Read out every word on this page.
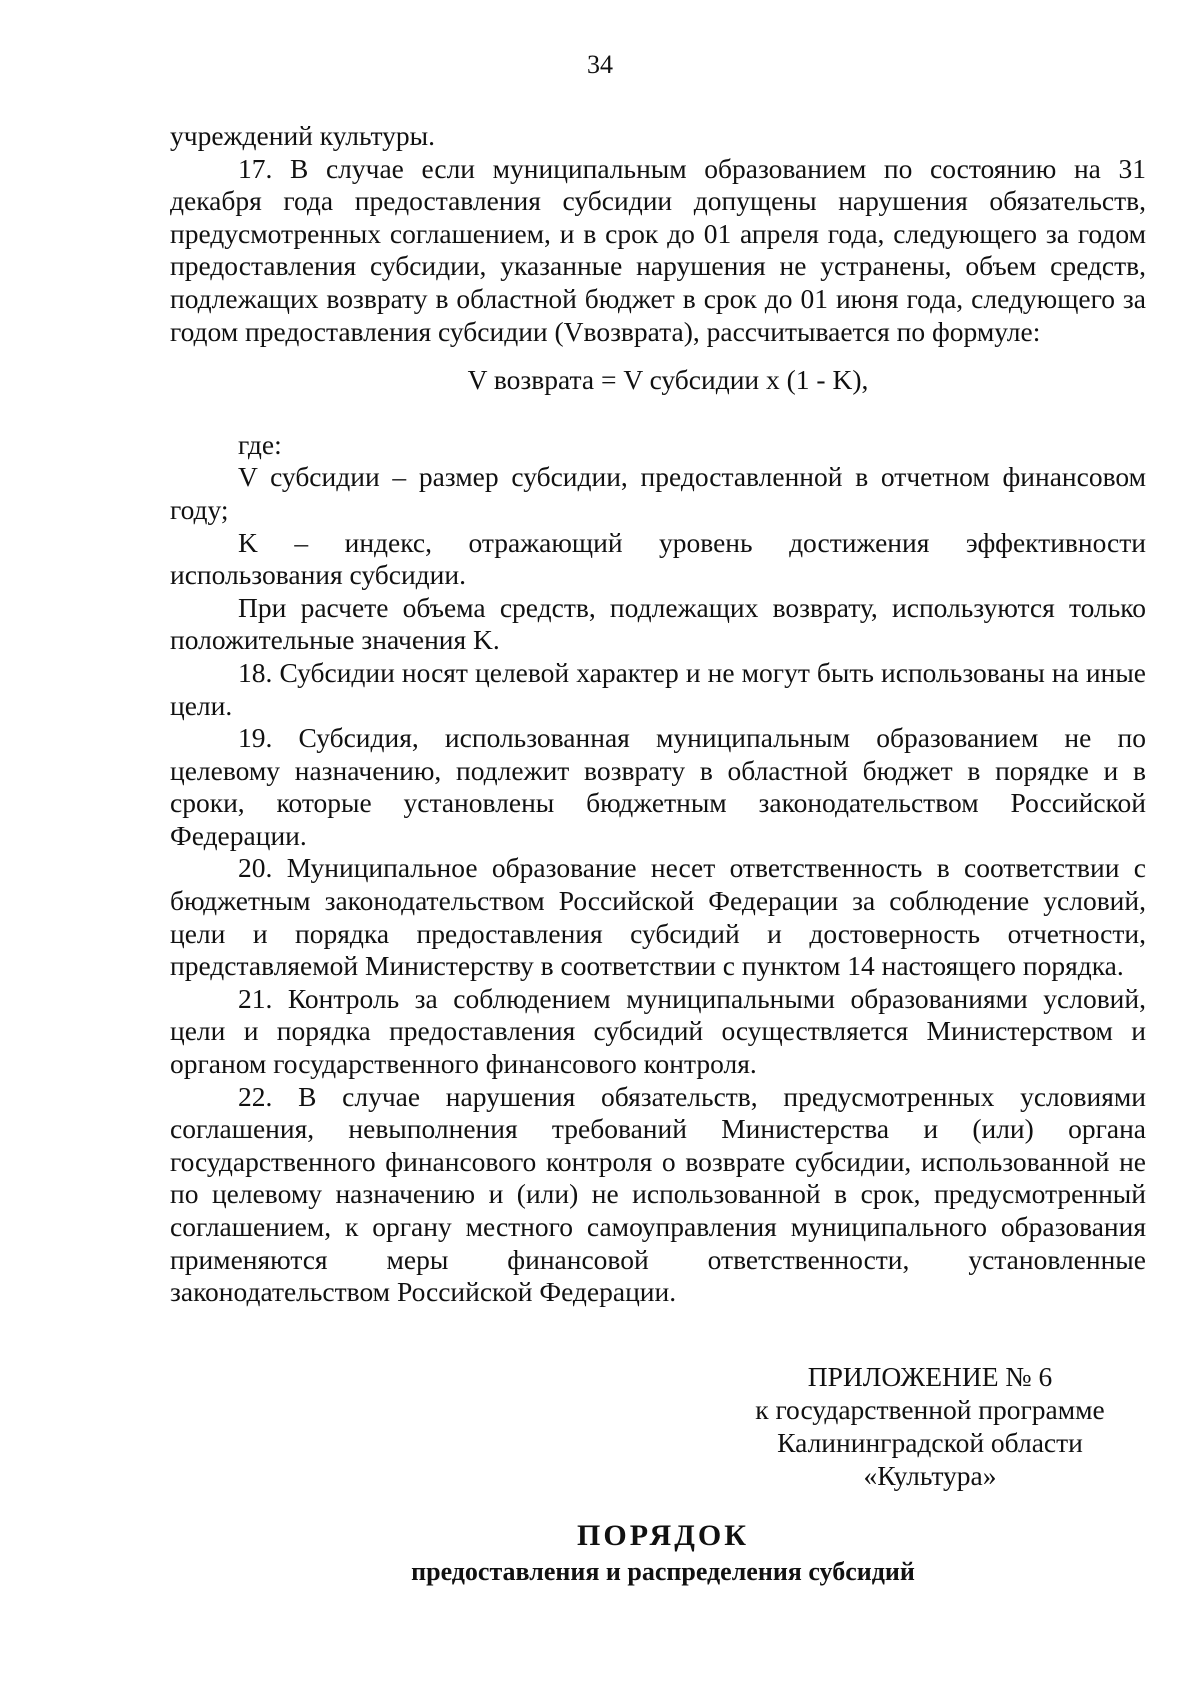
34

учреждений культуры.

17. В случае если муниципальным образованием по состоянию на 31 декабря года предоставления субсидии допущены нарушения обязательств, предусмотренных соглашением, и в срок до 01 апреля года, следующего за годом предоставления субсидии, указанные нарушения не устранены, объем средств, подлежащих возврату в областной бюджет в срок до 01 июня года, следующего за годом предоставления субсидии (Vвозврата), рассчитывается по формуле:

V возврата = V субсидии x (1 - K),

где:

V субсидии – размер субсидии, предоставленной в отчетном финансовом году;

K – индекс, отражающий уровень достижения эффективности использования субсидии.

При расчете объема средств, подлежащих возврату, используются только положительные значения K.

18. Субсидии носят целевой характер и не могут быть использованы на иные цели.

19. Субсидия, использованная муниципальным образованием не по целевому назначению, подлежит возврату в областной бюджет в порядке и в сроки, которые установлены бюджетным законодательством Российской Федерации.

20. Муниципальное образование несет ответственность в соответствии с бюджетным законодательством Российской Федерации за соблюдение условий, цели и порядка предоставления субсидий и достоверность отчетности, представляемой Министерству в соответствии с пунктом 14 настоящего порядка.

21. Контроль за соблюдением муниципальными образованиями условий, цели и порядка предоставления субсидий осуществляется Министерством и органом государственного финансового контроля.

22. В случае нарушения обязательств, предусмотренных условиями соглашения, невыполнения требований Министерства и (или) органа государственного финансового контроля о возврате субсидии, использованной не по целевому назначению и (или) не использованной в срок, предусмотренный соглашением, к органу местного самоуправления муниципального образования применяются меры финансовой ответственности, установленные законодательством Российской Федерации.

ПРИЛОЖЕНИЕ № 6
к государственной программе
Калининградской области
«Культура»
ПОРЯДОК
предоставления и распределения субсидий
